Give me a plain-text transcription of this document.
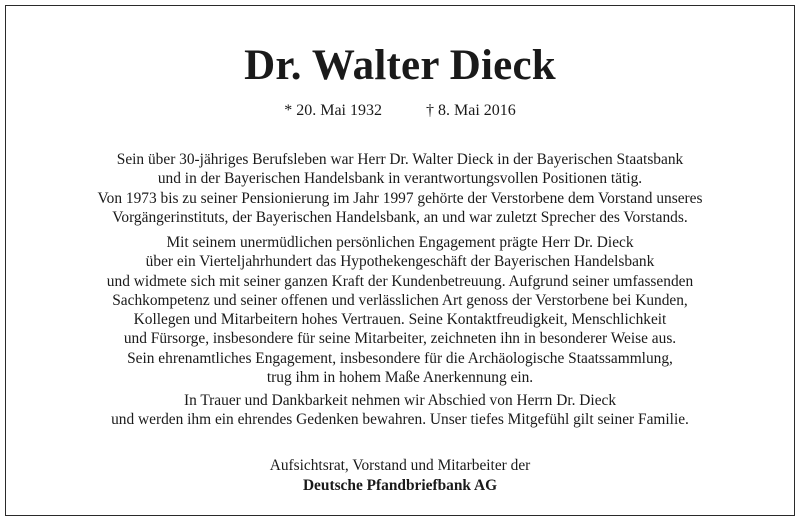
Dr. Walter Dieck
* 20. Mai 1932	† 8. Mai 2016
Sein über 30-jähriges Berufsleben war Herr Dr. Walter Dieck in der Bayerischen Staatsbank
und in der Bayerischen Handelsbank in verantwortungsvollen Positionen tätig.
Von 1973 bis zu seiner Pensionierung im Jahr 1997 gehörte der Verstorbene dem Vorstand unseres
Vorgängerinstituts, der Bayerischen Handelsbank, an und war zuletzt Sprecher des Vorstands.
Mit seinem unermüdlichen persönlichen Engagement prägte Herr Dr. Dieck
über ein Vierteljahrhundert das Hypothekengeschäft der Bayerischen Handelsbank
und widmete sich mit seiner ganzen Kraft der Kundenbetreuung. Aufgrund seiner umfassenden
Sachkompetenz und seiner offenen und verlässlichen Art genoss der Verstorbene bei Kunden,
Kollegen und Mitarbeitern hohes Vertrauen. Seine Kontaktfreudigkeit, Menschlichkeit
und Fürsorge, insbesondere für seine Mitarbeiter, zeichneten ihn in besonderer Weise aus.
Sein ehrenamtliches Engagement, insbesondere für die Archäologische Staatssammlung,
trug ihm in hohem Maße Anerkennung ein.
In Trauer und Dankbarkeit nehmen wir Abschied von Herrn Dr. Dieck
und werden ihm ein ehrendes Gedenken bewahren. Unser tiefes Mitgefühl gilt seiner Familie.
Aufsichtsrat, Vorstand und Mitarbeiter der
Deutsche Pfandbriefbank AG
